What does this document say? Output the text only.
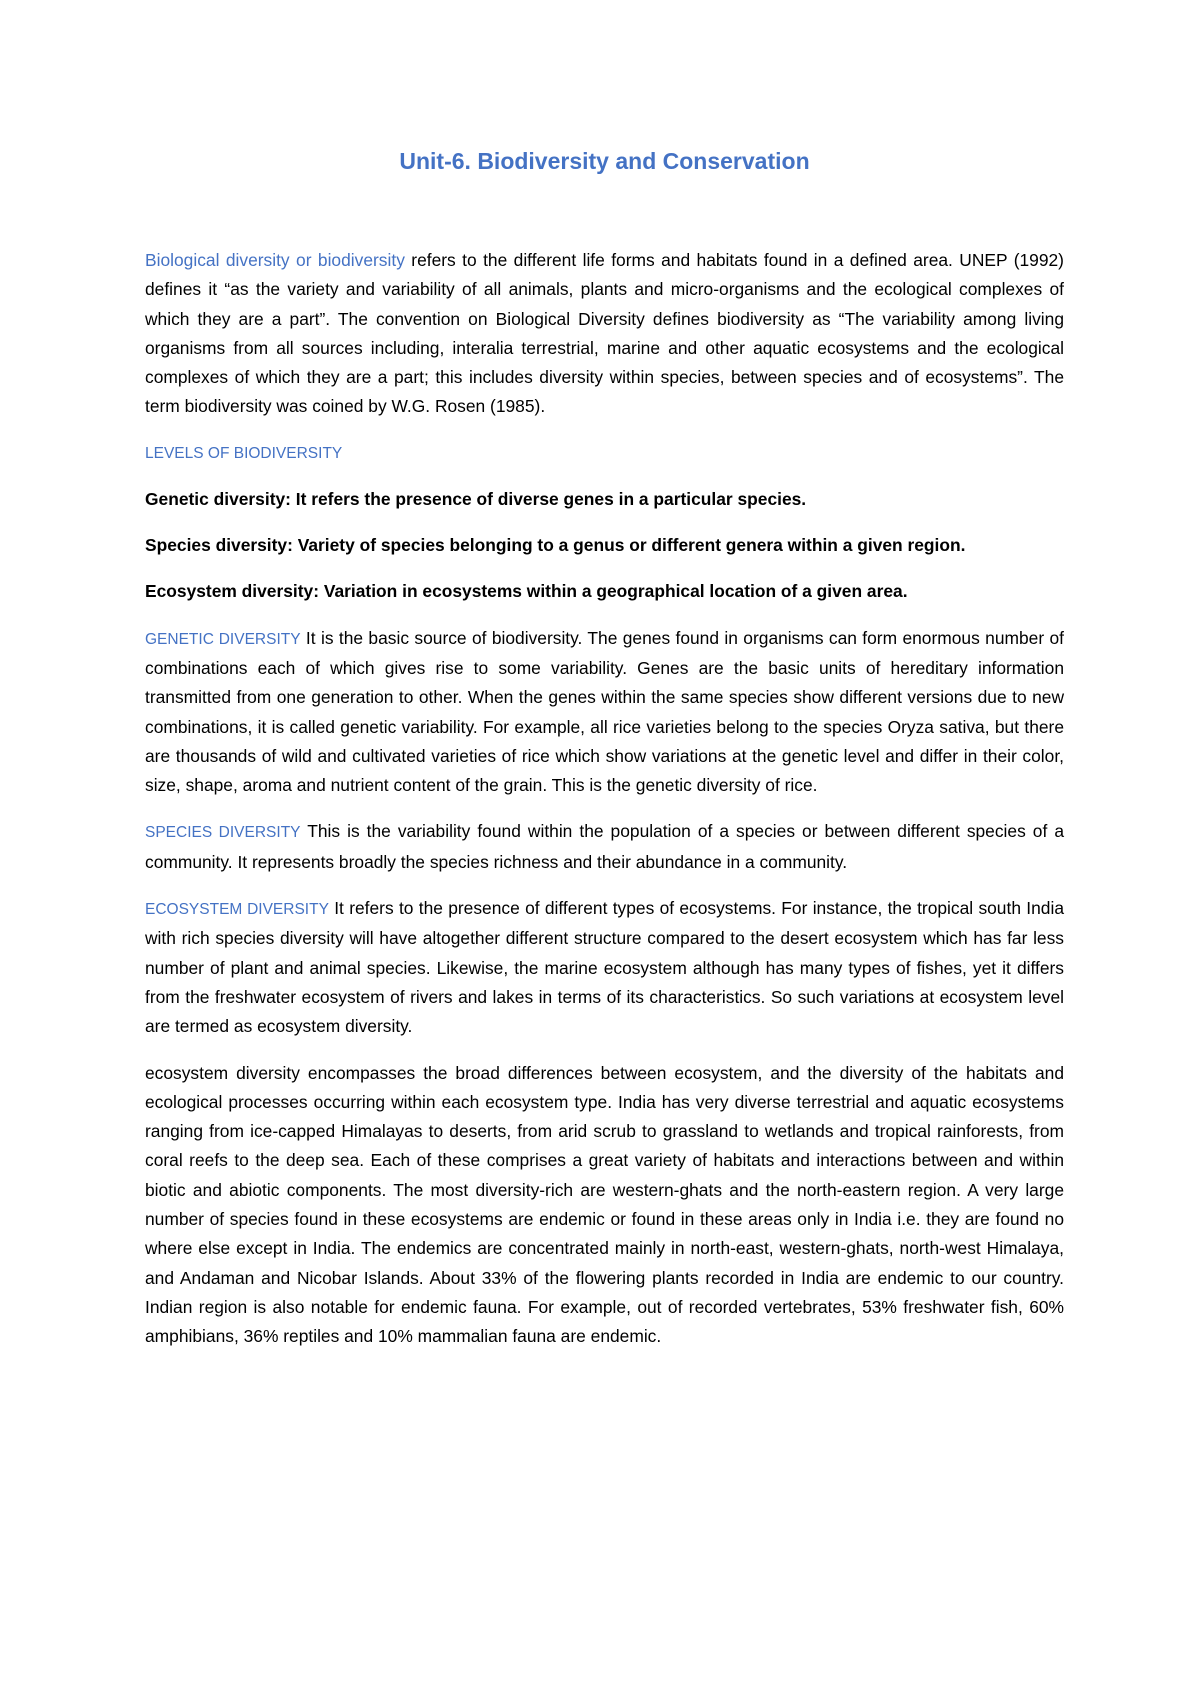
Unit-6. Biodiversity and Conservation

Biological diversity or biodiversity refers to the different life forms and habitats found in a defined area. UNEP (1992) defines it “as the variety and variability of all animals, plants and micro-organisms and the ecological complexes of which they are a part”. The convention on Biological Diversity defines biodiversity as “The variability among living organisms from all sources including, interalia terrestrial, marine and other aquatic ecosystems and the ecological complexes of which they are a part; this includes diversity within species, between species and of ecosystems”. The term biodiversity was coined by W.G. Rosen (1985).

LEVELS OF BIODIVERSITY

Genetic diversity: It refers the presence of diverse genes in a particular species.

Species diversity: Variety of species belonging to a genus or different genera within a given region.

Ecosystem diversity: Variation in ecosystems within a geographical location of a given area.

GENETIC DIVERSITY It is the basic source of biodiversity. The genes found in organisms can form enormous number of combinations each of which gives rise to some variability. Genes are the basic units of hereditary information transmitted from one generation to other. When the genes within the same species show different versions due to new combinations, it is called genetic variability. For example, all rice varieties belong to the species Oryza sativa, but there are thousands of wild and cultivated varieties of rice which show variations at the genetic level and differ in their color, size, shape, aroma and nutrient content of the grain. This is the genetic diversity of rice.

SPECIES DIVERSITY This is the variability found within the population of a species or between different species of a community. It represents broadly the species richness and their abundance in a community.

ECOSYSTEM DIVERSITY It refers to the presence of different types of ecosystems. For instance, the tropical south India with rich species diversity will have altogether different structure compared to the desert ecosystem which has far less number of plant and animal species. Likewise, the marine ecosystem although has many types of fishes, yet it differs from the freshwater ecosystem of rivers and lakes in terms of its characteristics. So such variations at ecosystem level are termed as ecosystem diversity.

ecosystem diversity encompasses the broad differences between ecosystem, and the diversity of the habitats and ecological processes occurring within each ecosystem type. India has very diverse terrestrial and aquatic ecosystems ranging from ice-capped Himalayas to deserts, from arid scrub to grassland to wetlands and tropical rainforests, from coral reefs to the deep sea. Each of these comprises a great variety of habitats and interactions between and within biotic and abiotic components. The most diversity-rich are western-ghats and the north-eastern region. A very large number of species found in these ecosystems are endemic or found in these areas only in India i.e. they are found no where else except in India. The endemics are concentrated mainly in north-east, western-ghats, north-west Himalaya, and Andaman and Nicobar Islands. About 33% of the flowering plants recorded in India are endemic to our country. Indian region is also notable for endemic fauna. For example, out of recorded vertebrates, 53% freshwater fish, 60% amphibians, 36% reptiles and 10% mammalian fauna are endemic.
